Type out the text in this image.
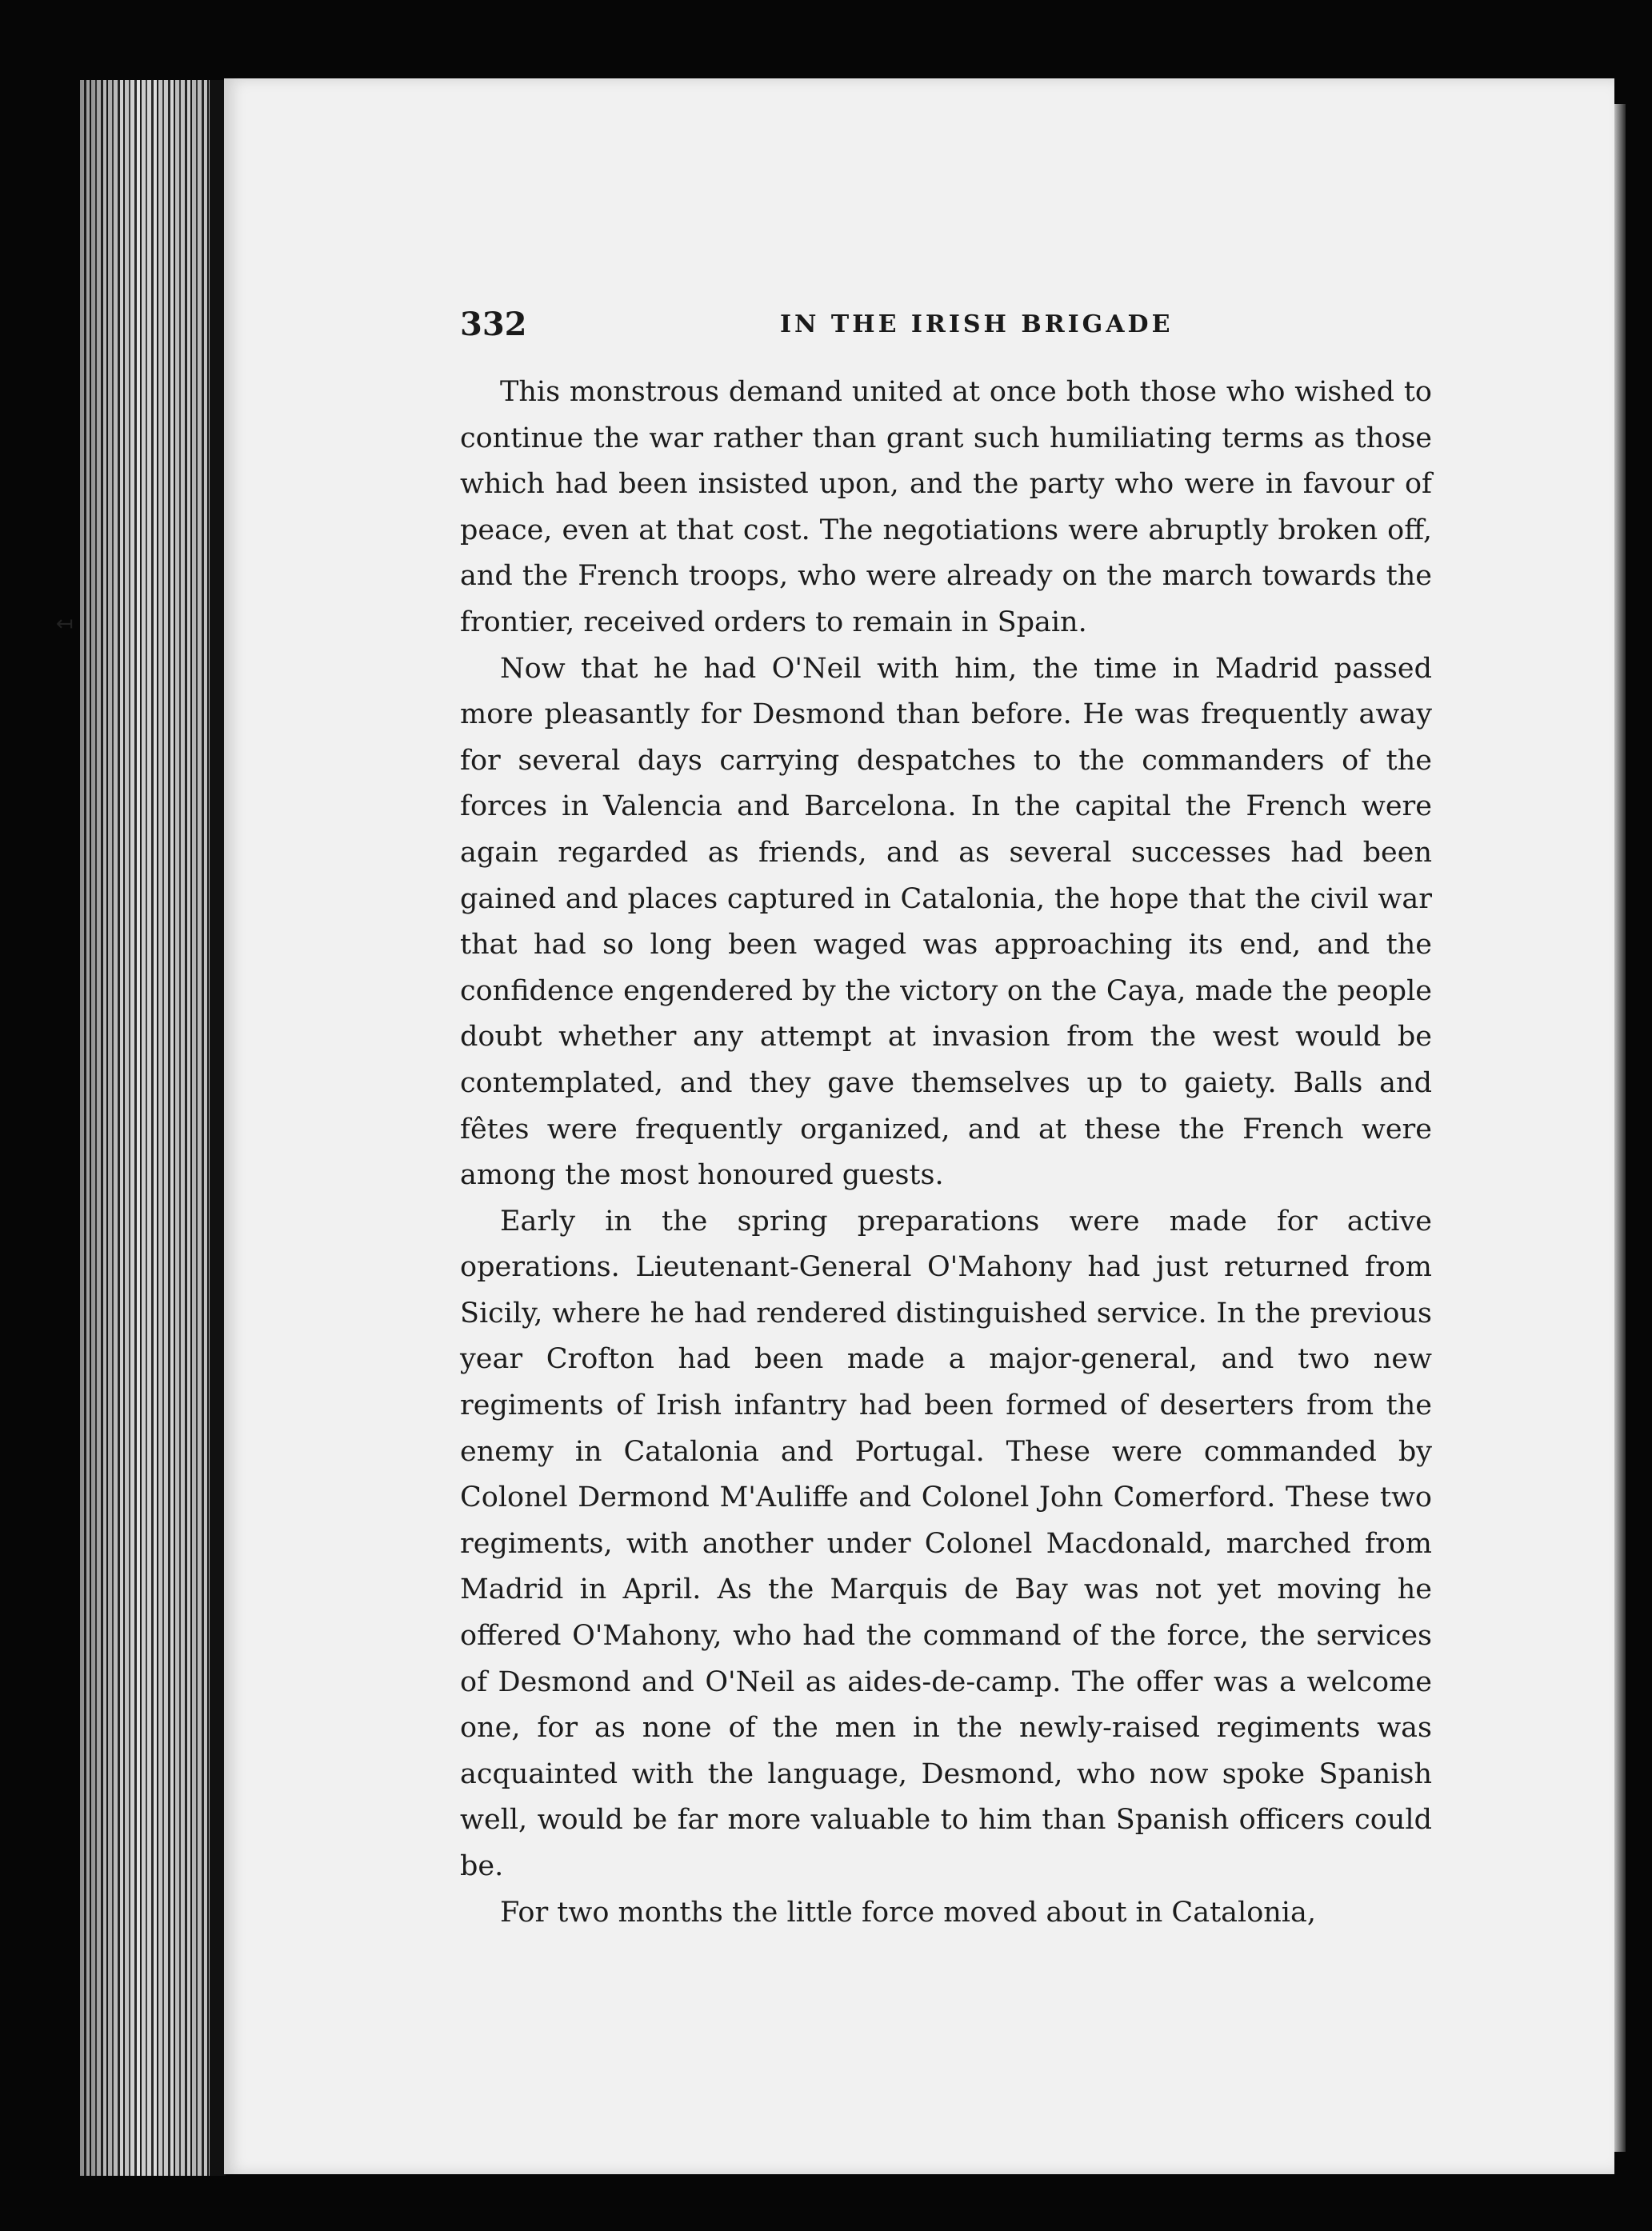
↤
332	IN THE IRISH BRIGADE

This monstrous demand united at once both those who wished to continue the war rather than grant such humiliating terms as those which had been insisted upon, and the party who were in favour of peace, even at that cost. The negotiations were abruptly broken off, and the French troops, who were already on the march towards the frontier, received orders to remain in Spain.

Now that he had O'Neil with him, the time in Madrid passed more pleasantly for Desmond than before. He was frequently away for several days carrying despatches to the commanders of the forces in Valencia and Barcelona. In the capital the French were again regarded as friends, and as several successes had been gained and places captured in Catalonia, the hope that the civil war that had so long been waged was approaching its end, and the confidence engendered by the victory on the Caya, made the people doubt whether any attempt at invasion from the west would be contemplated, and they gave themselves up to gaiety. Balls and fêtes were frequently organized, and at these the French were among the most honoured guests.

Early in the spring preparations were made for active operations. Lieutenant-General O'Mahony had just returned from Sicily, where he had rendered distinguished service. In the previous year Crofton had been made a major-general, and two new regiments of Irish infantry had been formed of deserters from the enemy in Catalonia and Portugal. These were commanded by Colonel Dermond M'Auliffe and Colonel John Comerford. These two regiments, with another under Colonel Macdonald, marched from Madrid in April. As the Marquis de Bay was not yet moving he offered O'Mahony, who had the command of the force, the services of Desmond and O'Neil as aides-de-camp. The offer was a welcome one, for as none of the men in the newly-raised regiments was acquainted with the language, Desmond, who now spoke Spanish well, would be far more valuable to him than Spanish officers could be.

For two months the little force moved about in Catalonia,
